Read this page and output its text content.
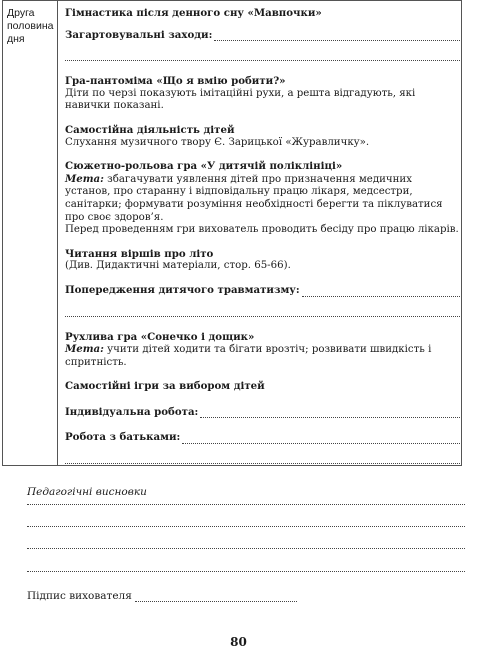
Друга половина дня

Гімнастика після денного сну «Мавпочки»

Загартовувальні заходи:

Гра-пантоміма «Що я вмію робити?»

Діти по черзі показують імітаційні рухи, а решта відгадують, які навички показані.

Самостійна діяльність дітей

Слухання музичного твору Є. Зарицької «Журавличку».

Сюжетно-рольова гра «У дитячій поліклініці»

Мета: збагачувати уявлення дітей про призначення медичних установ, про старанну і відповідальну працю лікаря, медсестри, санітарки; формувати розуміння необхідності берегти та піклуватися про своє здоров’я.

Перед проведенням гри вихователь проводить бесіду про працю лікарів.

Читання віршів про літо

(Див. Дидактичні матеріали, стор. 65-66).

Попередження дитячого травматизму:

Рухлива гра «Сонечко і дощик»

Мета: учити дітей ходити та бігати врозтіч; розвивати швидкість і спритність.

Самостійні ігри за вибором дітей

Індивідуальна робота:
Робота з батьками:
Педагогічні висновки
Підпис вихователя
80
